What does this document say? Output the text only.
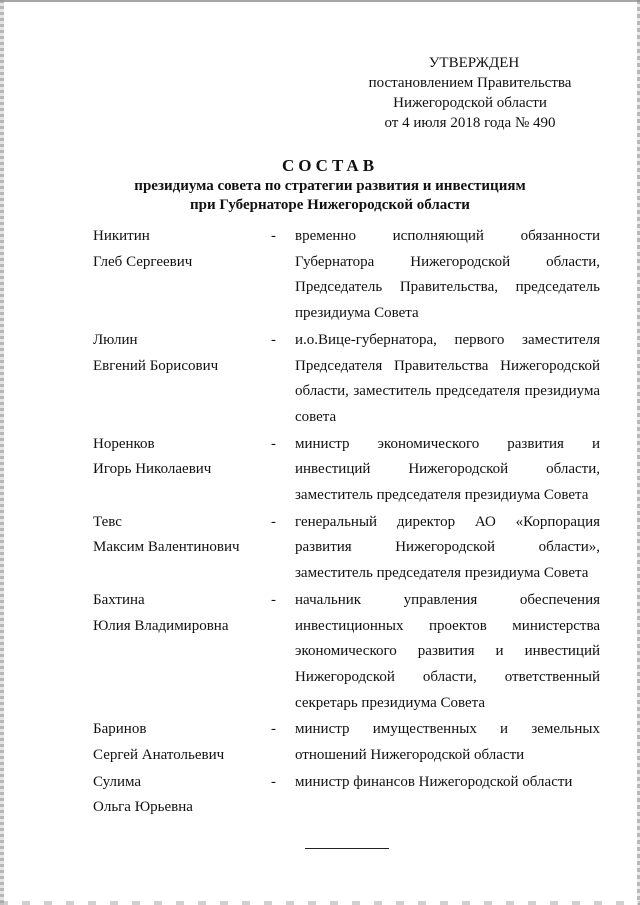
УТВЕРЖДЕН
постановлением Правительства
Нижегородской области
от 4 июля 2018 года № 490
СОСТАВ
президиума совета по стратегии развития и инвестициям
при Губернаторе Нижегородской области
Никитин
Глеб Сергеевич
-	временно исполняющий обязанности Губернатора Нижегородской области, Председатель Правительства, председатель президиума Совета
Люлин
Евгений Борисович
-	и.о.Вице-губернатора, первого заместителя Председателя Правительства Нижегородской области, заместитель председателя президиума совета
Норенков
Игорь Николаевич
-	министр экономического развития и инвестиций Нижегородской области, заместитель председателя президиума Совета
Тевс
Максим Валентинович
-	генеральный директор АО «Корпорация развития Нижегородской области», заместитель председателя президиума Совета
Бахтина
Юлия Владимировна
-	начальник управления обеспечения инвестиционных проектов министерства экономического развития и инвестиций Нижегородской области, ответственный секретарь президиума Совета
Баринов
Сергей Анатольевич
-	министр имущественных и земельных отношений Нижегородской области
Сулима
Ольга Юрьевна
-	министр финансов Нижегородской области
